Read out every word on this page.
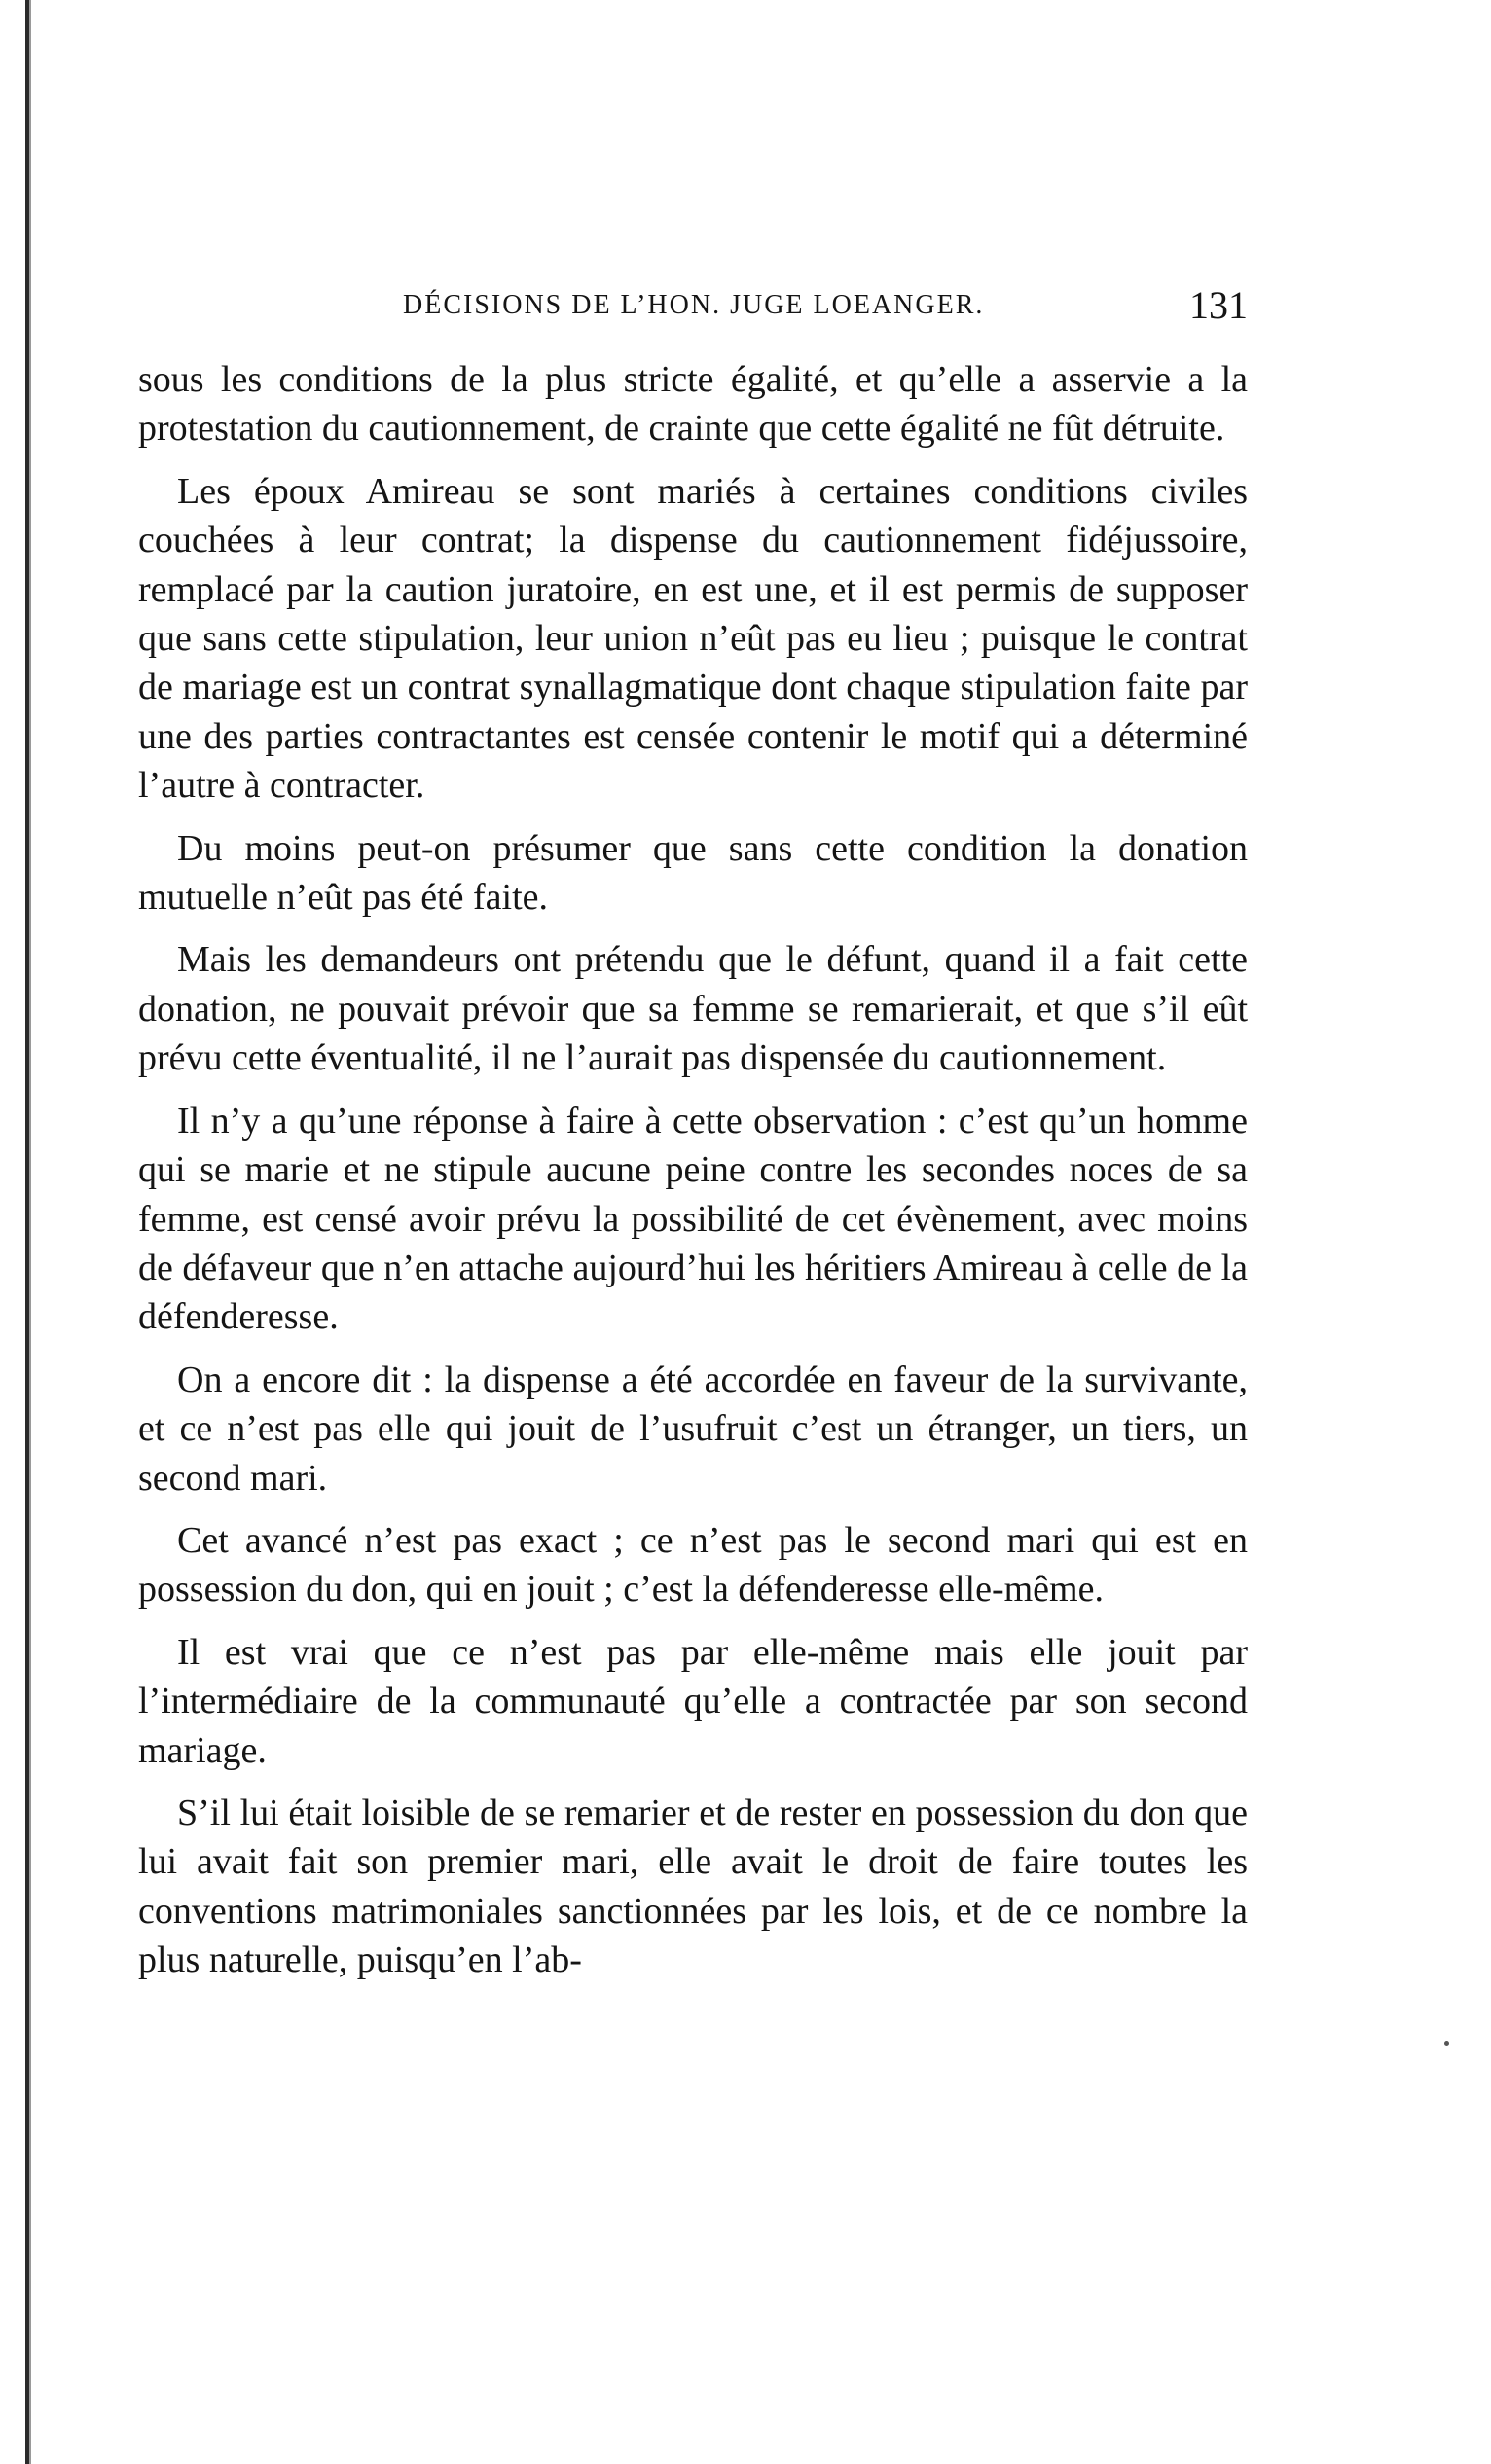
DÉCISIONS DE L’HON. JUGE LOEANGER.	131

sous les conditions de la plus stricte égalité, et qu’elle a asservie a la protestation du cautionnement, de crainte que cette égalité ne fût détruite.

Les époux Amireau se sont mariés à certaines conditions civiles couchées à leur contrat; la dispense du cautionnement fidéjussoire, remplacé par la caution juratoire, en est une, et il est permis de supposer que sans cette stipulation, leur union n’eût pas eu lieu ; puisque le contrat de mariage est un contrat synallagmatique dont chaque stipulation faite par une des parties contractantes est censée contenir le motif qui a déterminé l’autre à contracter.

Du moins peut-on présumer que sans cette condition la donation mutuelle n’eût pas été faite.

Mais les demandeurs ont prétendu que le défunt, quand il a fait cette donation, ne pouvait prévoir que sa femme se remarierait, et que s’il eût prévu cette éventualité, il ne l’aurait pas dispensée du cautionnement.

Il n’y a qu’une réponse à faire à cette observation : c’est qu’un homme qui se marie et ne stipule aucune peine contre les secondes noces de sa femme, est censé avoir prévu la possibilité de cet évènement, avec moins de défaveur que n’en attache aujourd’hui les héritiers Amireau à celle de la défenderesse.

On a encore dit : la dispense a été accordée en faveur de la survivante, et ce n’est pas elle qui jouit de l’usufruit c’est un étranger, un tiers, un second mari.

Cet avancé n’est pas exact ; ce n’est pas le second mari qui est en possession du don, qui en jouit ; c’est la défenderesse elle-même.

Il est vrai que ce n’est pas par elle-même mais elle jouit par l’intermédiaire de la communauté qu’elle a contractée par son second mariage.

S’il lui était loisible de se remarier et de rester en possession du don que lui avait fait son premier mari, elle avait le droit de faire toutes les conventions matrimoniales sanctionnées par les lois, et de ce nombre la plus naturelle, puisqu’en l’ab-
